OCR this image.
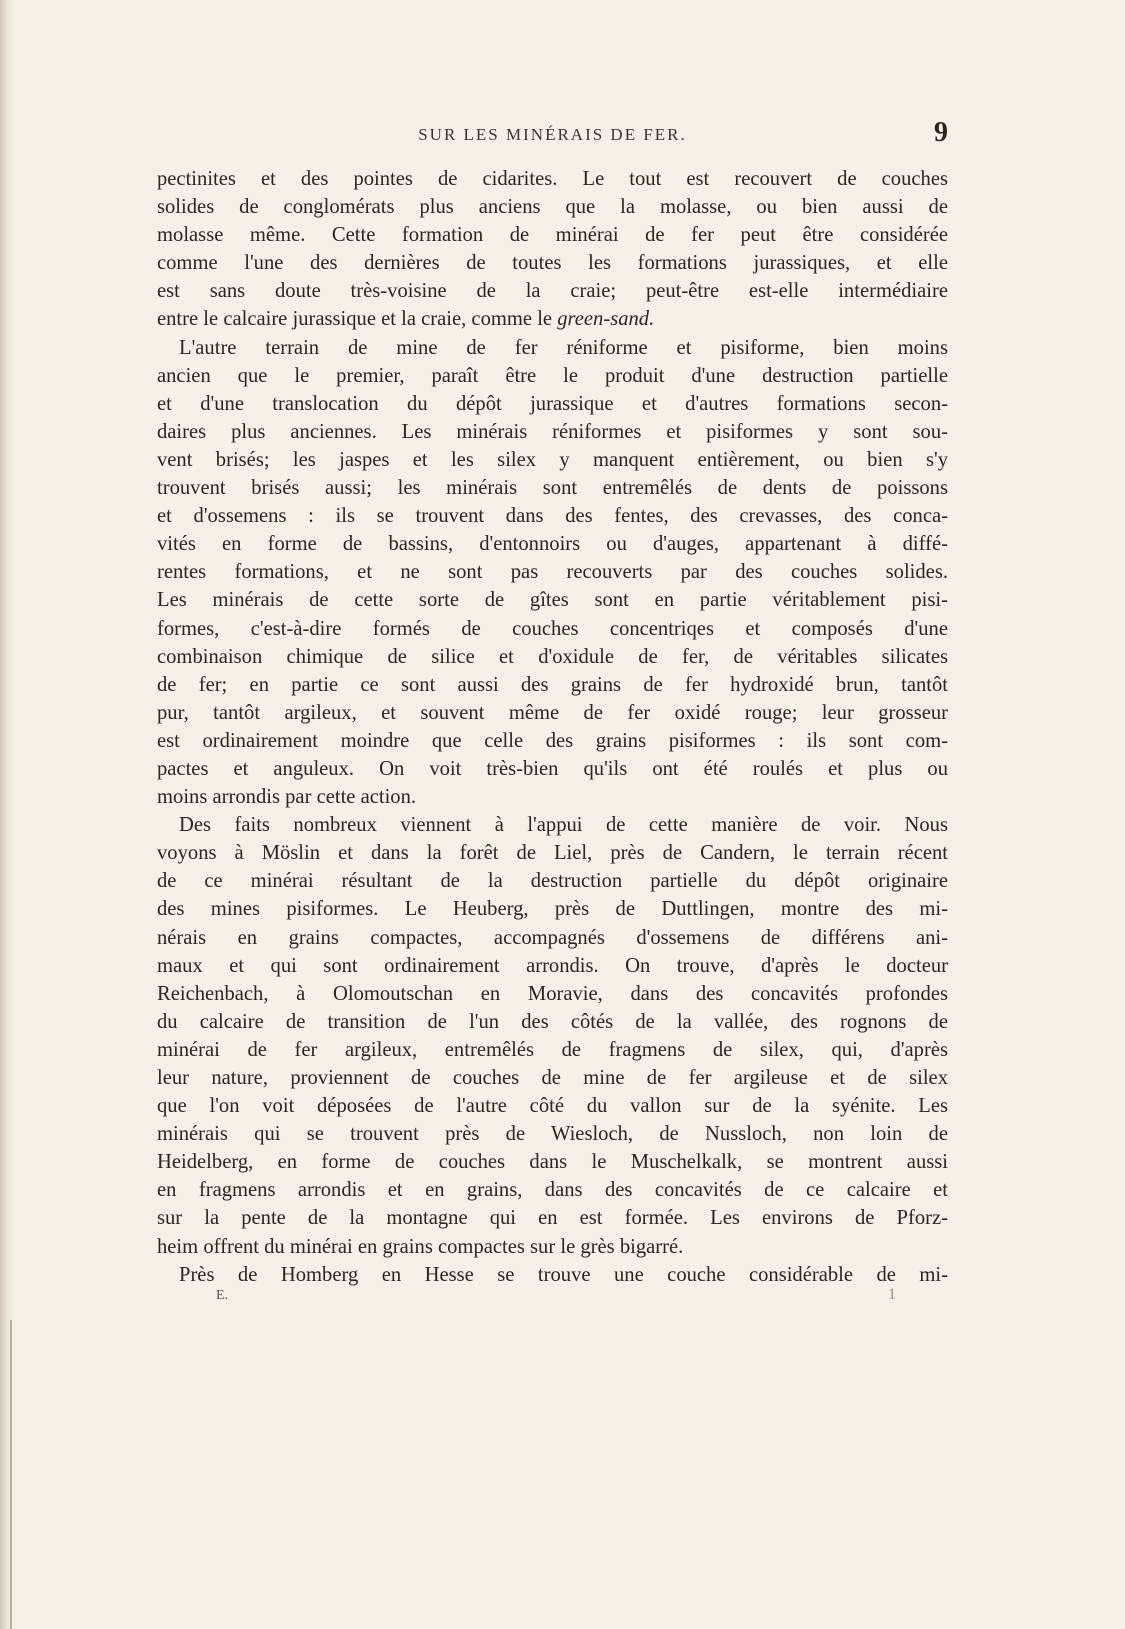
SUR LES MINÉRAIS DE FER.	9
pectinites et des pointes de cidarites. Le tout est recouvert de couches
solides de conglomérats plus anciens que la molasse, ou bien aussi de
molasse même. Cette formation de minérai de fer peut être considérée
comme l'une des dernières de toutes les formations jurassiques, et elle
est sans doute très-voisine de la craie; peut-être est-elle intermédiaire
entre le calcaire jurassique et la craie, comme le green-sand.
L'autre terrain de mine de fer réniforme et pisiforme, bien moins
ancien que le premier, paraît être le produit d'une destruction partielle
et d'une translocation du dépôt jurassique et d'autres formations secon-
daires plus anciennes. Les minérais réniformes et pisiformes y sont sou-
vent brisés; les jaspes et les silex y manquent entièrement, ou bien s'y
trouvent brisés aussi; les minérais sont entremêlés de dents de poissons
et d'ossemens : ils se trouvent dans des fentes, des crevasses, des conca-
vités en forme de bassins, d'entonnoirs ou d'auges, appartenant à diffé-
rentes formations, et ne sont pas recouverts par des couches solides.
Les minérais de cette sorte de gîtes sont en partie véritablement pisi-
formes, c'est-à-dire formés de couches concentriqes et composés d'une
combinaison chimique de silice et d'oxidule de fer, de véritables silicates
de fer; en partie ce sont aussi des grains de fer hydroxidé brun, tantôt
pur, tantôt argileux, et souvent même de fer oxidé rouge; leur grosseur
est ordinairement moindre que celle des grains pisiformes : ils sont com-
pactes et anguleux. On voit très-bien qu'ils ont été roulés et plus ou
moins arrondis par cette action.
Des faits nombreux viennent à l'appui de cette manière de voir. Nous
voyons à Möslin et dans la forêt de Liel, près de Candern, le terrain récent
de ce minérai résultant de la destruction partielle du dépôt originaire
des mines pisiformes. Le Heuberg, près de Duttlingen, montre des mi-
nérais en grains compactes, accompagnés d'ossemens de différens ani-
maux et qui sont ordinairement arrondis. On trouve, d'après le docteur
Reichenbach, à Olomoutschan en Moravie, dans des concavités profondes
du calcaire de transition de l'un des côtés de la vallée, des rognons de
minérai de fer argileux, entremêlés de fragmens de silex, qui, d'après
leur nature, proviennent de couches de mine de fer argileuse et de silex
que l'on voit déposées de l'autre côté du vallon sur de la syénite. Les
minérais qui se trouvent près de Wiesloch, de Nussloch, non loin de
Heidelberg, en forme de couches dans le Muschelkalk, se montrent aussi
en fragmens arrondis et en grains, dans des concavités de ce calcaire et
sur la pente de la montagne qui en est formée. Les environs de Pforz-
heim offrent du minérai en grains compactes sur le grès bigarré.
Près de Homberg en Hesse se trouve une couche considérable de mi-
E.	1
